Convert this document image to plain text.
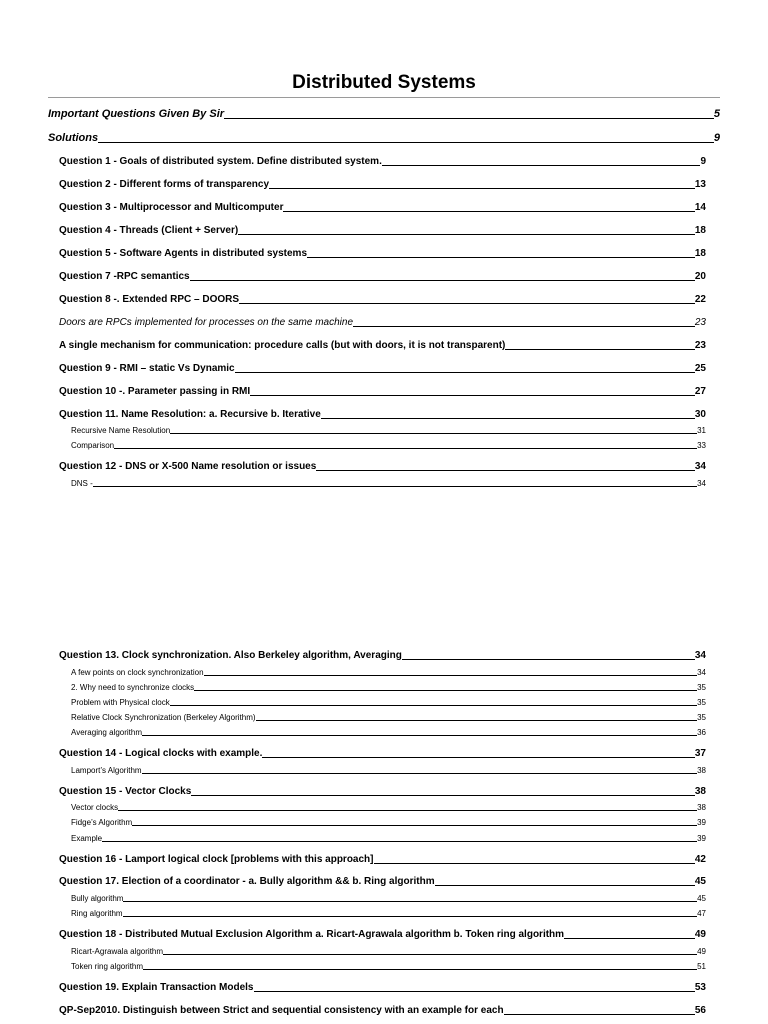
Distributed Systems
Important Questions Given By Sir	5
Solutions	9
Question 1 - Goals of distributed system. Define distributed system.	9
Question 2 - Different forms of transparency	13
Question 3 - Multiprocessor and Multicomputer	14
Question 4 - Threads (Client + Server)	18
Question 5 - Software Agents in distributed systems	18
Question 7 -RPC semantics	20
Question 8 -. Extended RPC – DOORS	22
Doors are RPCs implemented for processes on the same machine	23
A single mechanism for communication: procedure calls (but with doors, it is not transparent)	23
Question 9 - RMI – static Vs Dynamic	25
Question 10 -. Parameter passing in RMI	27
Question 11. Name Resolution: a. Recursive b. Iterative	30
Recursive Name Resolution	31
Comparison	33
Question 12 - DNS or X-500 Name resolution or issues	34
DNS -	34
Question 13. Clock synchronization. Also Berkeley algorithm, Averaging	34
A few points on clock synchronization	34
2. Why need to synchronize clocks	35
Problem with Physical clock	35
Relative Clock Synchronization (Berkeley Algorithm)	35
Averaging algorithm	36
Question 14 - Logical clocks with example.	37
Lamport’s Algorithm	38
Question 15 - Vector Clocks	38
Vector clocks	38
Fidge’s Algorithm	39
Example	39
Question 16 - Lamport logical clock [problems with this approach]	42
Question 17. Election of a coordinator - a. Bully algorithm && b. Ring algorithm	45
Bully algorithm	45
Ring algorithm	47
Question 18 - Distributed Mutual Exclusion Algorithm a. Ricart-Agrawala algorithm b. Token ring algorithm	49
Ricart-Agrawala algorithm	49
Token ring algorithm	51
Question 19. Explain Transaction Models	53
QP-Sep2010. Distinguish between Strict and sequential consistency with an example for each	56
